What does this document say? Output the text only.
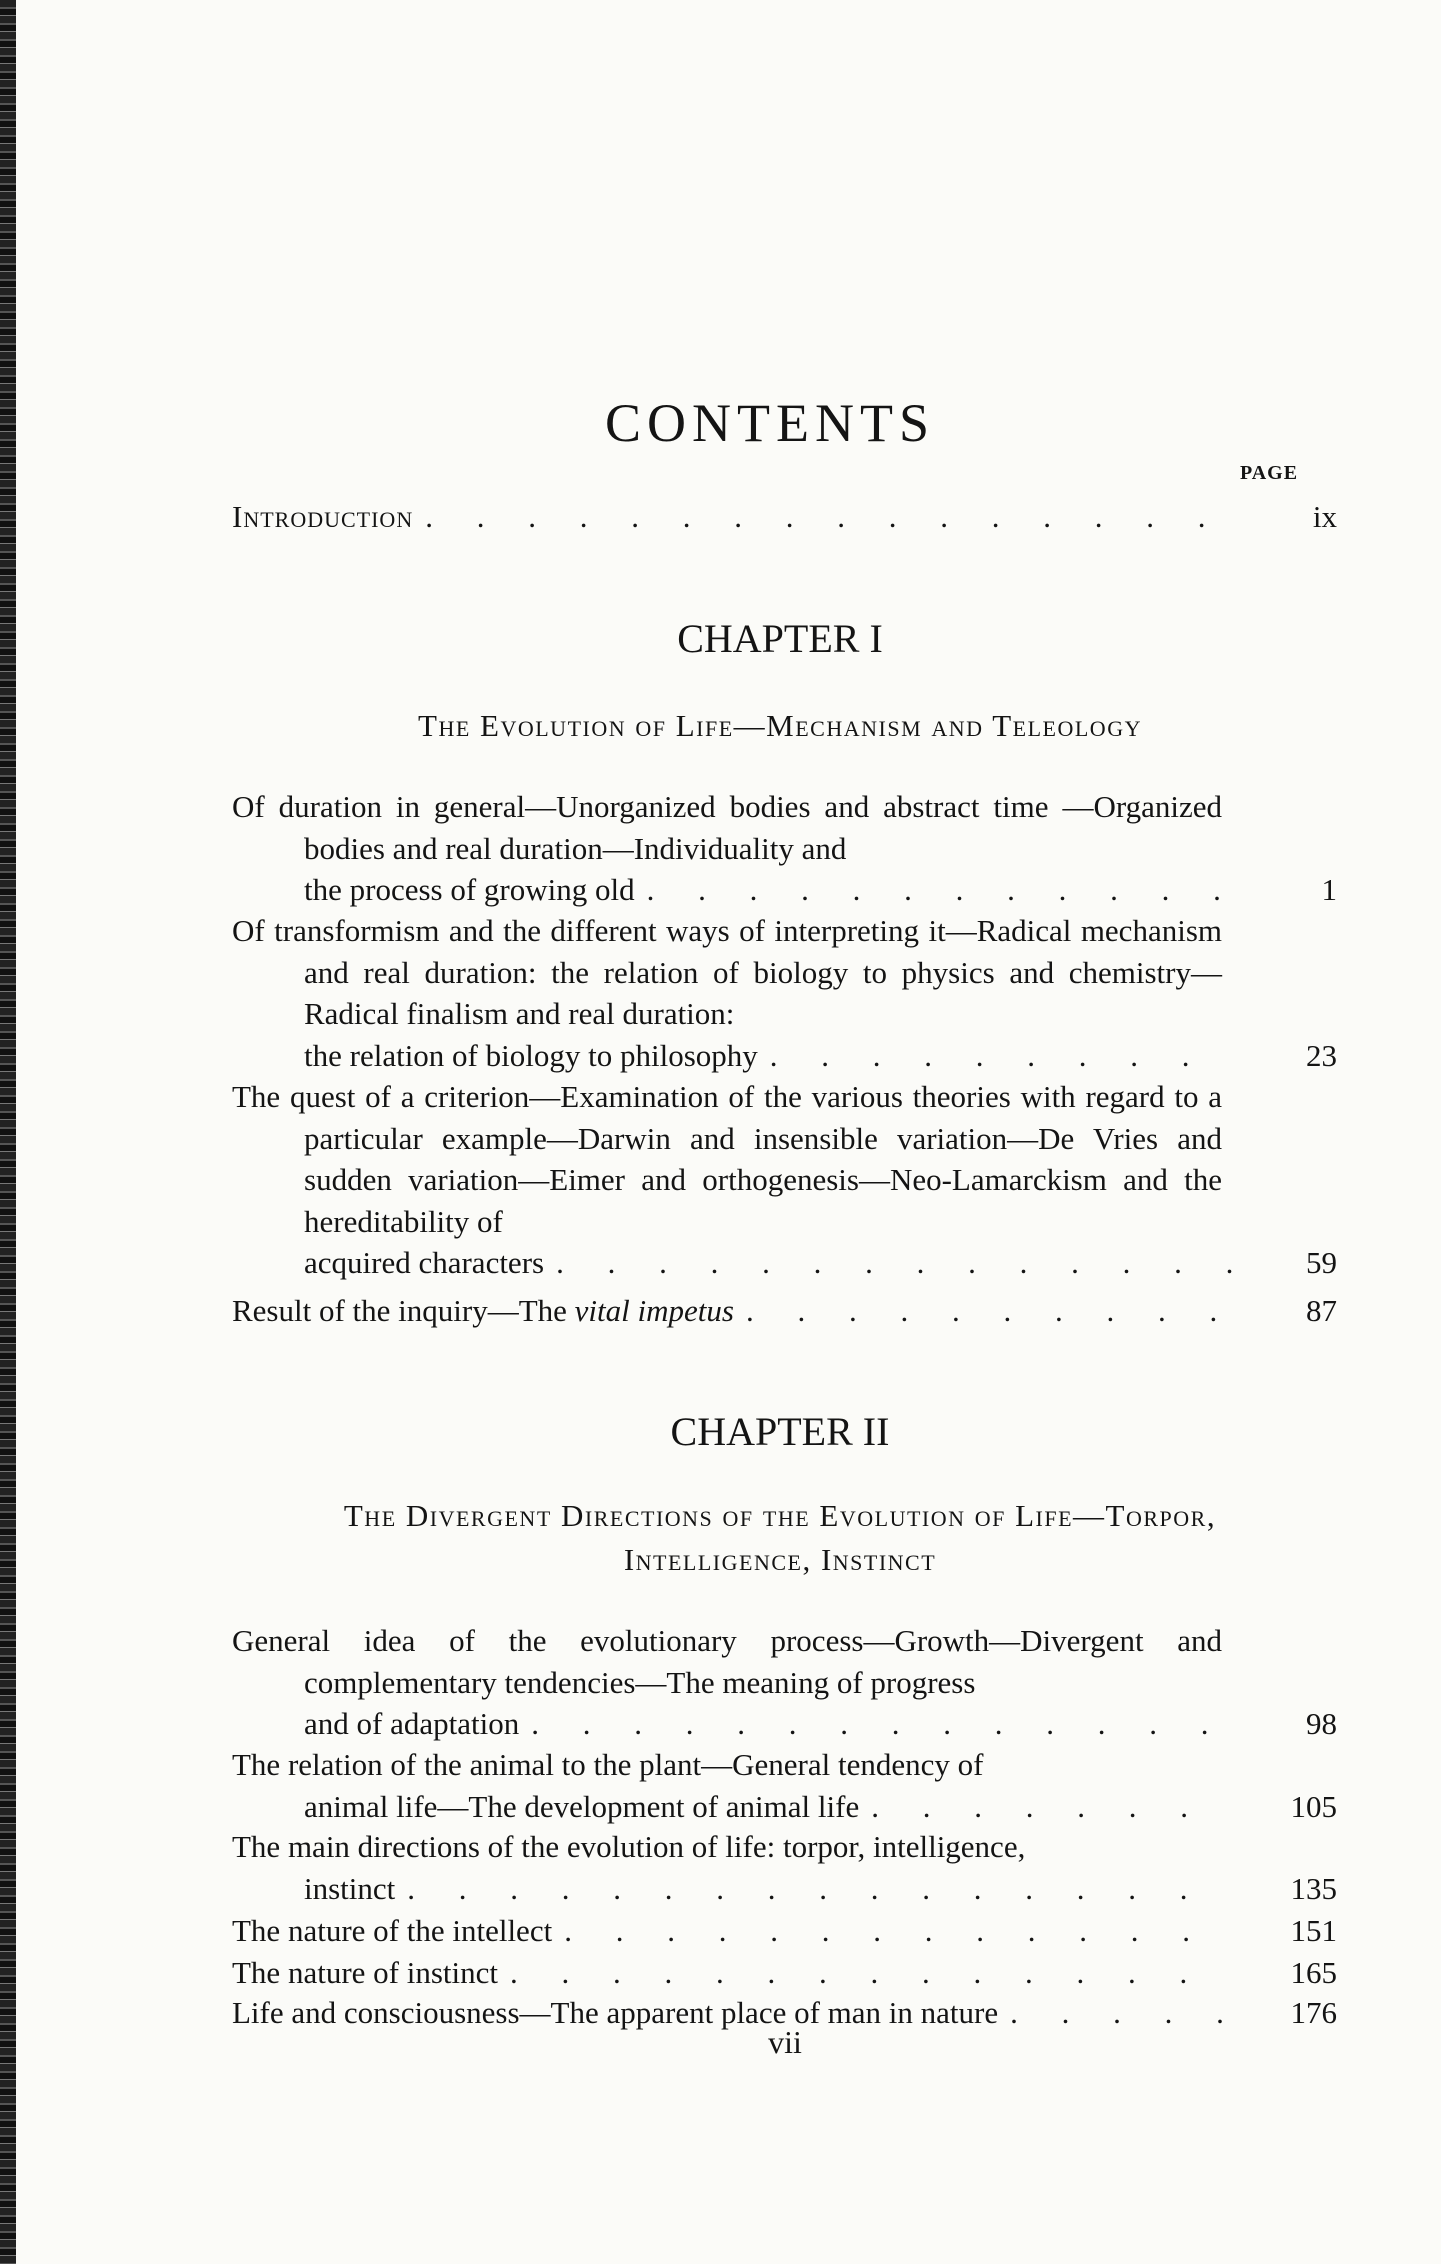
CONTENTS
PAGE
Introduction . . .	ix
CHAPTER I
The Evolution of Life—Mechanism and Teleology
Of duration in general—Unorganized bodies and abstract time —Organized bodies and real duration—Individuality and
the process of growing old . . .	1
Of transformism and the different ways of interpreting it—Radical mechanism and real duration: the relation of biology to physics and chemistry—Radical finalism and real duration:
the relation of biology to philosophy . . .	23
The quest of a criterion—Examination of the various theories with regard to a particular example—Darwin and insensible variation—De Vries and sudden variation—Eimer and orthogenesis—Neo-Lamarckism and the hereditability of
acquired characters . . .	59
Result of the inquiry—The vital impetus . . .	87
CHAPTER II
The Divergent Directions of the Evolution of Life—Torpor, Intelligence, Instinct
General idea of the evolutionary process—Growth—Divergent and complementary tendencies—The meaning of progress
and of adaptation . . .	98
The relation of the animal to the plant—General tendency of
animal life—The development of animal life . . .	105
The main directions of the evolution of life: torpor, intelligence,
instinct . . .	135
The nature of the intellect . . .	151
The nature of instinct . . .	165
Life and consciousness—The apparent place of man in nature . . .	176
vii
